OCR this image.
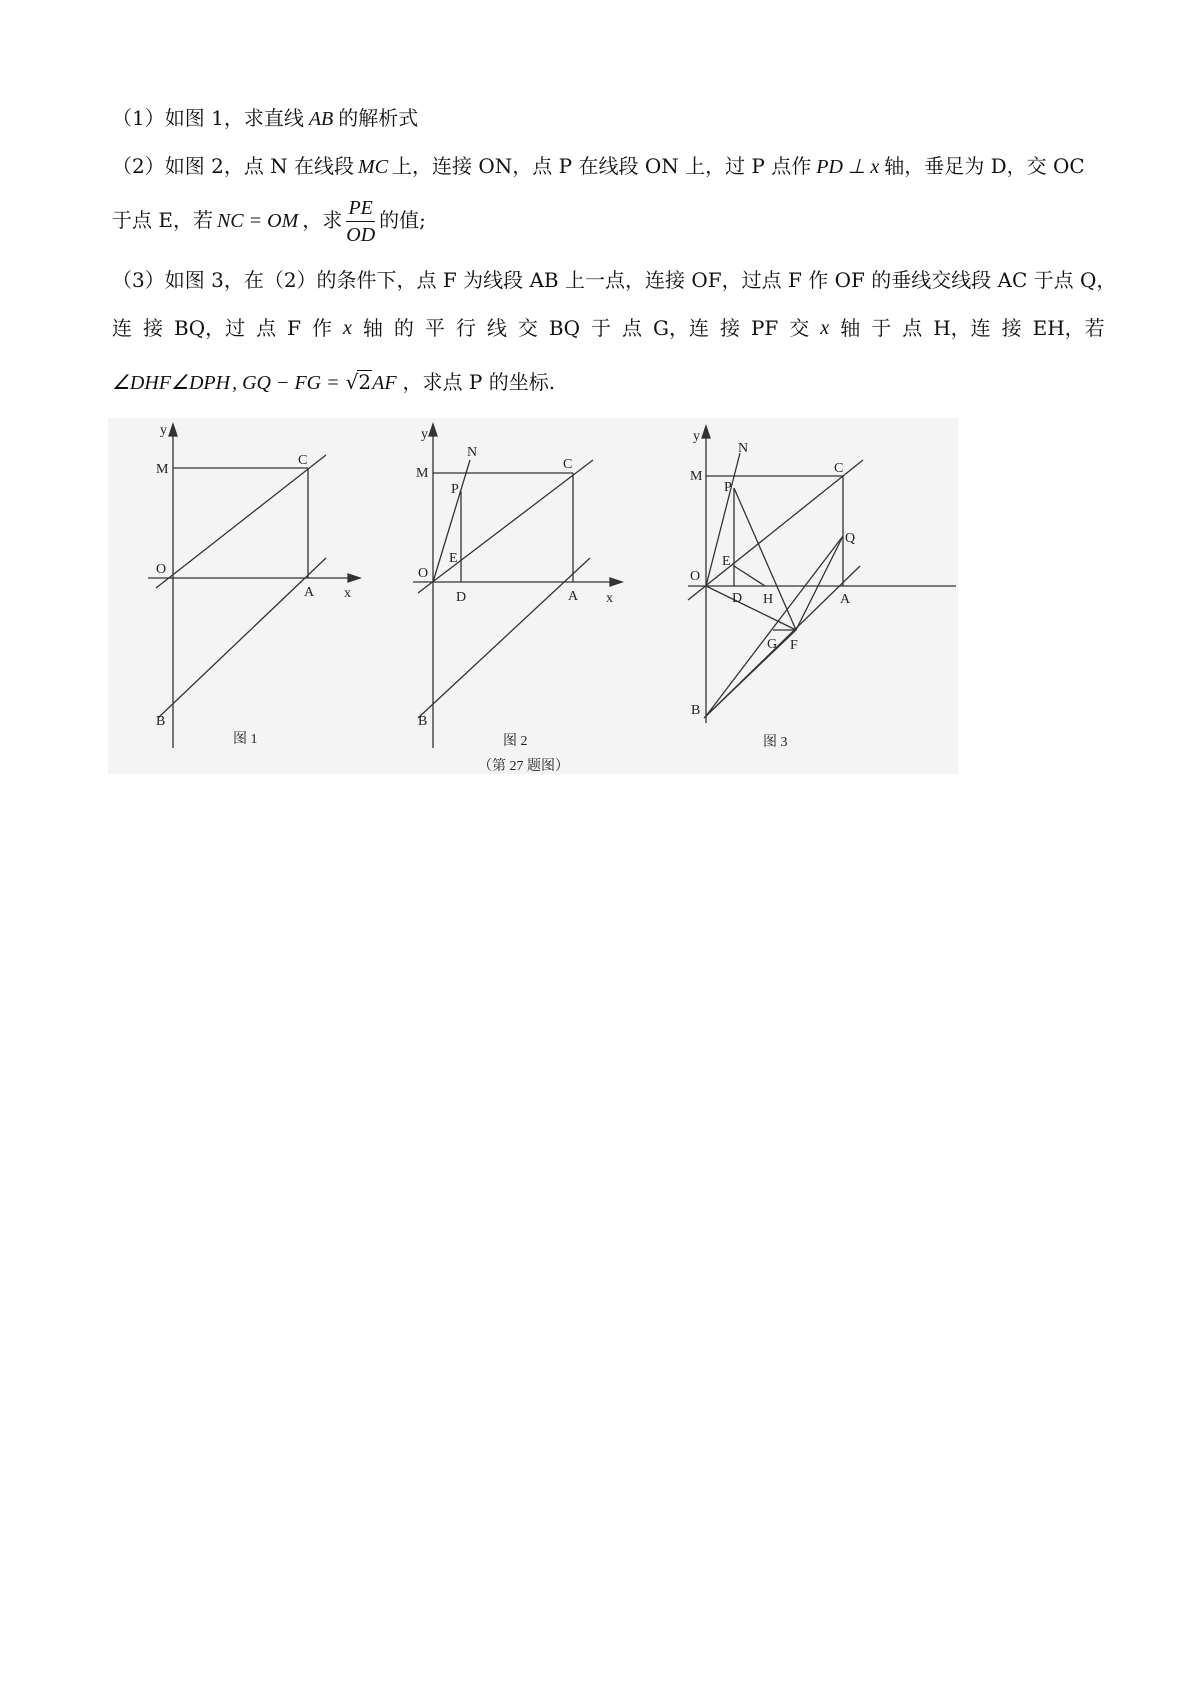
（1）如图 1，求直线 AB 的解析式
（2）如图 2，点 N 在线段 MC 上，连接 ON，点 P 在线段 ON 上，过 P 点作 PD ⊥ x 轴，垂足为 D，交 OC
于点 E，若 NC = OM ，求 $\frac{PE}{OD}$ 的值;
（3）如图 3，在（2）的条件下，点 F 为线段 AB 上一点，连接 OF，过点 F 作 OF 的垂线交线段 AC 于点 Q，
连 接 BQ，过 点 F 作 x 轴 的 平 行 线 交 BQ 于 点 G，连 接 PF 交 x 轴 于 点 H，连 接 EH，若
∠DHF∠DPH , GQ − FG = √2AF ，求点 P 的坐标.
y
x
M
C
O
A
B
图 1
y
x
M
N
C
P
E
O
D	A
B
图 2
y
M
N
C
P
E
O
D H	A
Q
G F
B
图 3
（第 27 题图）
